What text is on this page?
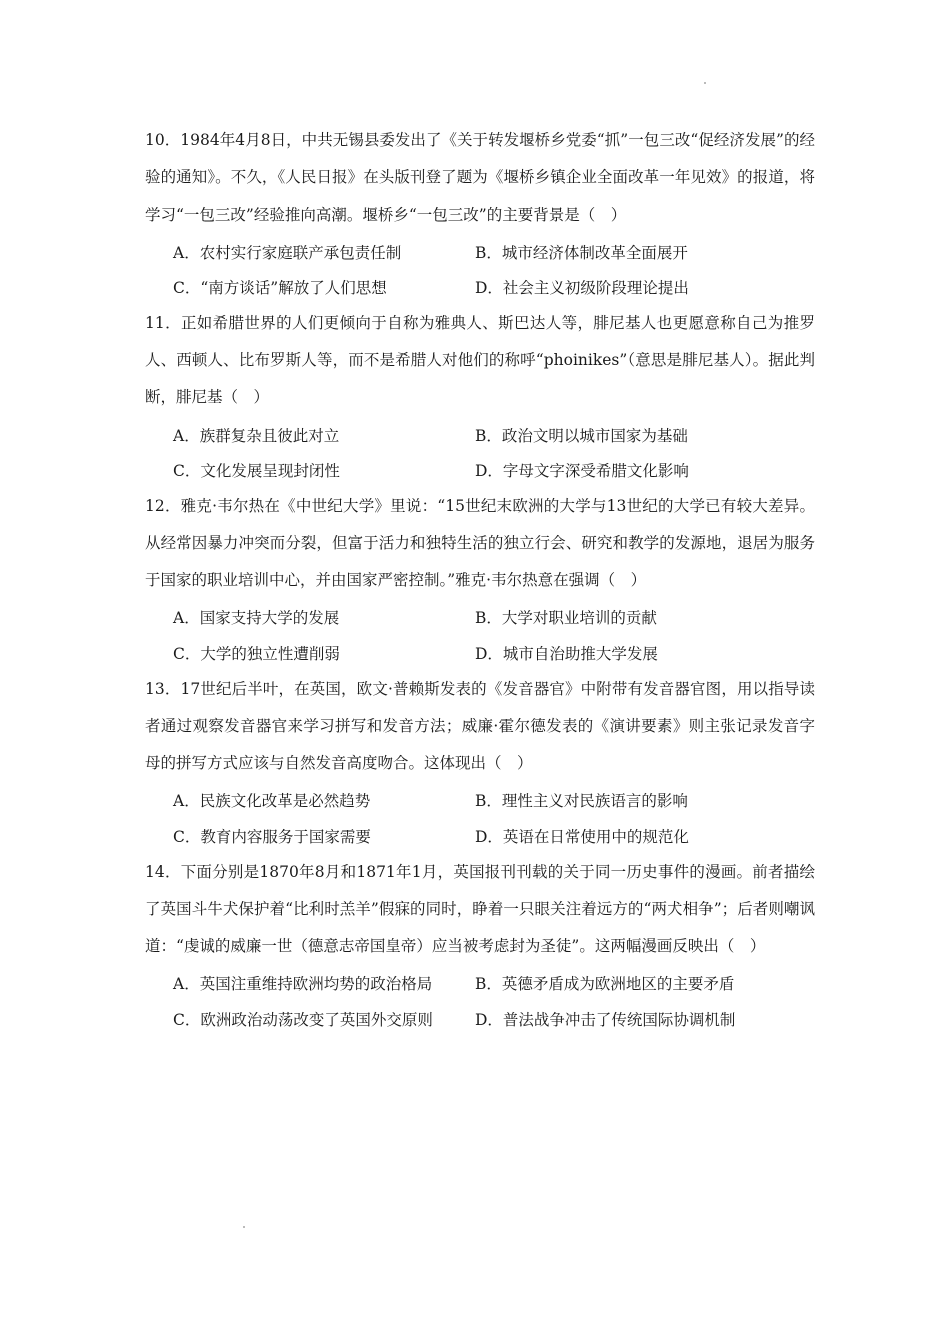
10．1984年4月8日，中共无锡县委发出了《关于转发堰桥乡党委“抓”一包三改“促经济发展”的经验的通知》。不久，《人民日报》在头版刊登了题为《堰桥乡镇企业全面改革一年见效》的报道，将学习“一包三改”经验推向高潮。堰桥乡“一包三改”的主要背景是（　）

A．农村实行家庭联产承包责任制	B．城市经济体制改革全面展开
C．“南方谈话”解放了人们思想	D．社会主义初级阶段理论提出

11．正如希腊世界的人们更倾向于自称为雅典人、斯巴达人等，腓尼基人也更愿意称自己为推罗人、西顿人、比布罗斯人等，而不是希腊人对他们的称呼“phoinikes”（意思是腓尼基人）。据此判断，腓尼基（　）

A．族群复杂且彼此对立	B．政治文明以城市国家为基础
C．文化发展呈现封闭性	D．字母文字深受希腊文化影响

12．雅克·韦尔热在《中世纪大学》里说：“15世纪末欧洲的大学与13世纪的大学已有较大差异。从经常因暴力冲突而分裂，但富于活力和独特生活的独立行会、研究和教学的发源地，退居为服务于国家的职业培训中心，并由国家严密控制。”雅克·韦尔热意在强调（　）

A．国家支持大学的发展	B．大学对职业培训的贡献
C．大学的独立性遭削弱	D．城市自治助推大学发展

13．17世纪后半叶，在英国，欧文·普赖斯发表的《发音器官》中附带有发音器官图，用以指导读者通过观察发音器官来学习拼写和发音方法；威廉·霍尔德发表的《演讲要素》则主张记录发音字母的拼写方式应该与自然发音高度吻合。这体现出（　）

A．民族文化改革是必然趋势	B．理性主义对民族语言的影响
C．教育内容服务于国家需要	D．英语在日常使用中的规范化

14．下面分别是1870年8月和1871年1月，英国报刊刊载的关于同一历史事件的漫画。前者描绘了英国斗牛犬保护着“比利时羔羊”假寐的同时，睁着一只眼关注着远方的“两犬相争”；后者则嘲讽道：“虔诚的威廉一世（德意志帝国皇帝）应当被考虑封为圣徒”。这两幅漫画反映出（　）

A．英国注重维持欧洲均势的政治格局	B．英德矛盾成为欧洲地区的主要矛盾
C．欧洲政治动荡改变了英国外交原则	D．普法战争冲击了传统国际协调机制
